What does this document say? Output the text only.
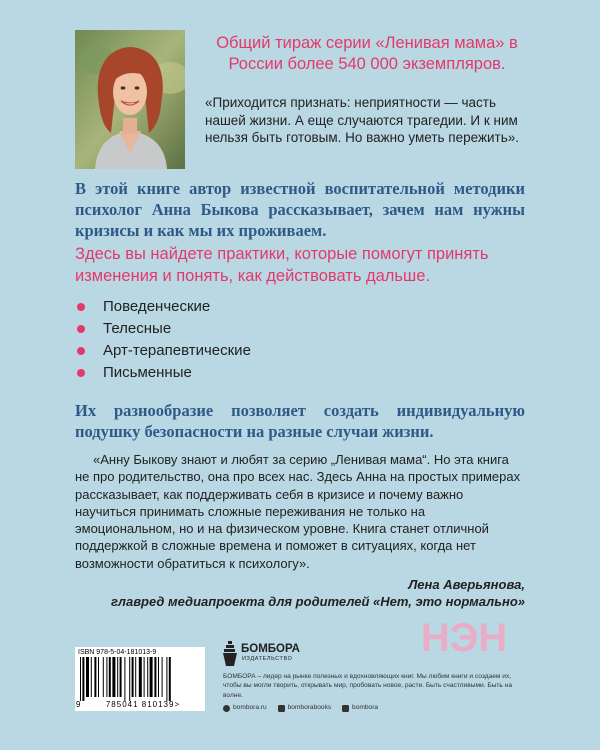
Общий тираж серии «Ленивая мама» в России более 540 000 экземпляров.
«Приходится признать: неприятности — часть нашей жизни. А еще случаются трагедии. И к ним нельзя быть готовым. Но важно уметь пережить».
В этой книге автор известной воспитательной методики психолог Анна Быкова рассказывает, зачем нам нужны кризисы и как мы их проживаем.
Здесь вы найдете практики, которые помогут принять изменения и понять, как действовать дальше.
Поведенческие
Телесные
Арт-терапевтические
Письменные
Их разнообразие позволяет создать индивидуальную подушку безопасности на разные случаи жизни.
«Анну Быкову знают и любят за серию „Ленивая мама“. Но эта книга не про родительство, она про всех нас. Здесь Анна на простых примерах рассказывает, как поддерживать себя в кризисе и почему важно научиться принимать сложные переживания не только на эмоциональном, но и на физическом уровне. Книга станет отличной поддержкой в сложные времена и поможет в ситуациях, когда нет возможности обратиться к психологу».
Лена Аверьянова,
главред медиапроекта для родителей «Нет, это нормально»
НЭН
ISBN 978-5-04-181013-9
9	785041 810139>
БОМБОРА
ИЗДАТЕЛЬСТВО
БОМБОРА – лидер на рынке полезных и вдохновляющих книг. Мы любим книги и создаем их, чтобы вы могли творить, открывать мир, пробовать новое, расти. Быть счастливыми. Быть на волне.
bombora.ru
	bomborabooks
	bombora
